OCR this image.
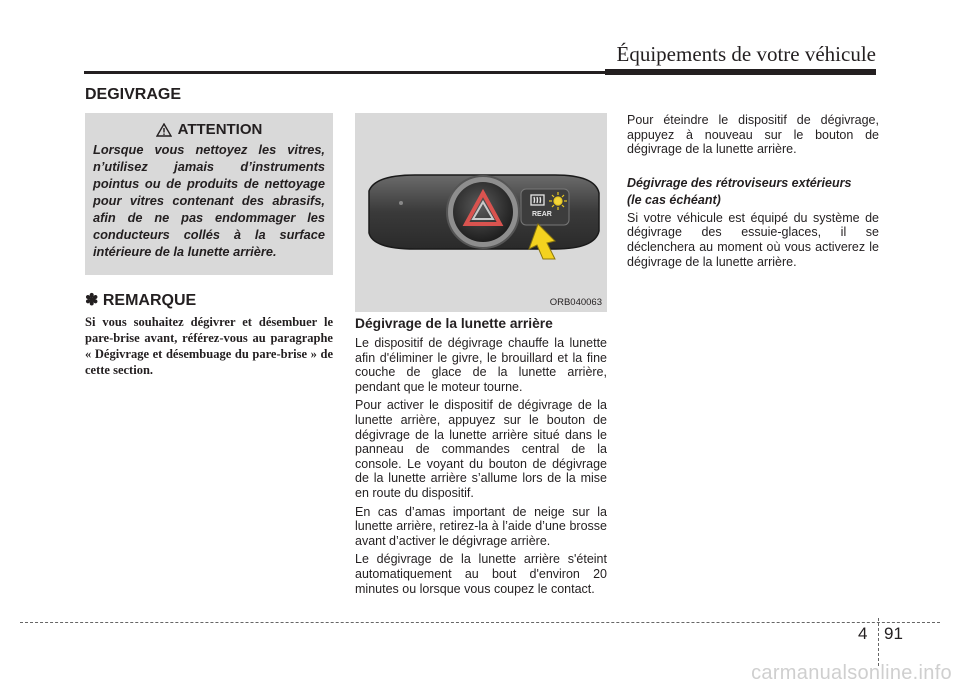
Équipements de votre véhicule
DEGIVRAGE
ATTENTION
Lorsque vous nettoyez les vitres, n’utilisez jamais d’instruments pointus ou de produits de nettoyage pour vitres contenant des abrasifs, afin de ne pas endommager les conducteurs collés à la surface intérieure de la lunette arrière.
✽ REMARQUE
Si vous souhaitez dégivrer et désembuer le pare-brise avant, référez-vous au paragraphe « Dégivrage et désembuage du pare-brise » de cette section.
REAR
ORB040063
Dégivrage de la lunette arrière

Le dispositif de dégivrage chauffe la lunette afin d'éliminer le givre, le brouillard et la fine couche de glace de la lunette arrière, pendant que le moteur tourne.

Pour activer le dispositif de dégivrage de la lunette arrière, appuyez sur le bouton de dégivrage de la lunette arrière situé dans le panneau de commandes central de la console. Le voyant du bouton de dégivrage de la lunette arrière s’allume lors de la mise en route du dispositif.

En cas d’amas important de neige sur la lunette arrière, retirez-la à l’aide d’une brosse avant d’activer le dégivrage arrière.

Le dégivrage de la lunette arrière s'éteint automatiquement au bout d'environ 20 minutes ou lorsque vous coupez le contact.

Pour éteindre le dispositif de dégivrage, appuyez à nouveau sur le bouton de dégivrage de la lunette arrière.

Dégivrage des rétroviseurs extérieurs
(le cas échéant)

Si votre véhicule est équipé du système de dégivrage des essuie-glaces, il se déclenchera au moment où vous activerez le dégivrage de la lunette arrière.

4 91
carmanualsonline.info
